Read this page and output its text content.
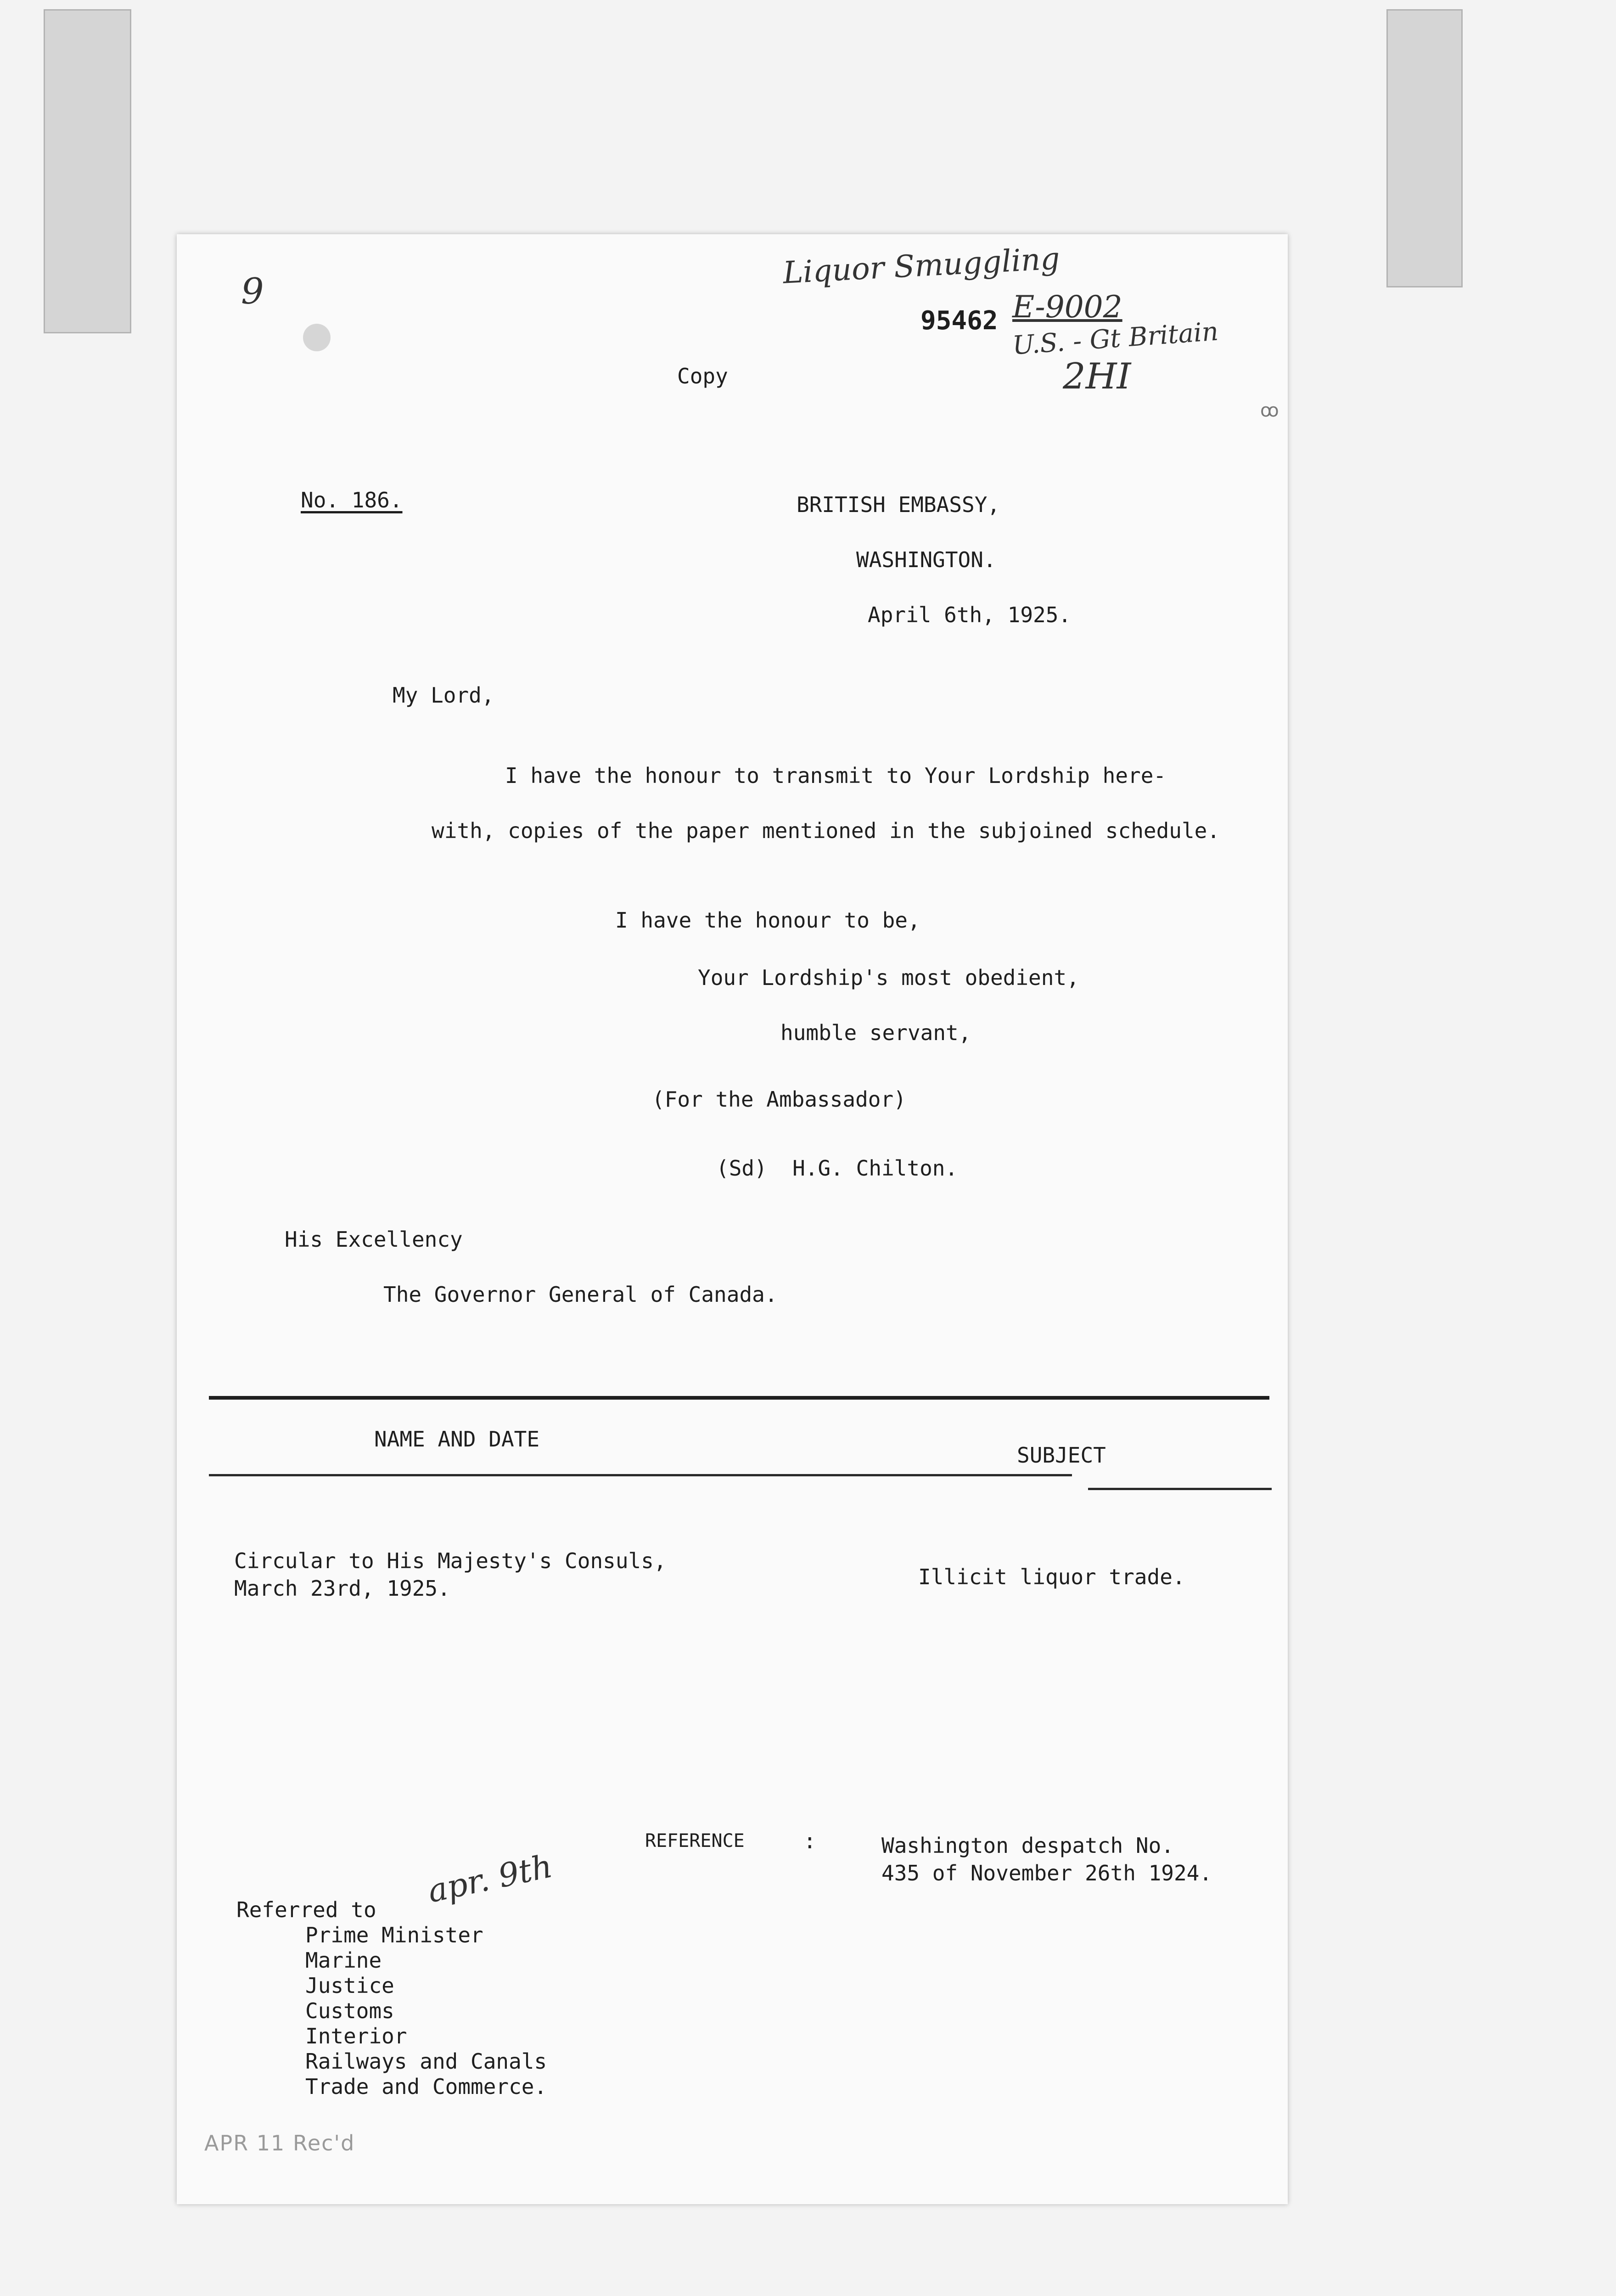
9
Liquor Smuggling
95462 E-9002
U.S. - Gt Britain
2HI
ꝏ
Copy
No. 186.	BRITISH EMBASSY,
WASHINGTON.
April 6th, 1925.
My Lord,
I have the honour to transmit to Your Lordship here-
with, copies of the paper mentioned in the subjoined schedule.
I have the honour to be,
Your Lordship's most obedient,
humble servant,
(For the Ambassador)
(Sd)  H.G. Chilton.
His Excellency
The Governor General of Canada.
NAME AND DATE
SUBJECT
Circular to His Majesty's Consuls,
March 23rd, 1925.	Illicit liquor trade.
REFERENCE	:	Washington despatch No.
435 of November 26th 1924.
Referred to apr. 9th
Prime Minister
Marine
Justice
Customs
Interior
Railways and Canals
Trade and Commerce.
APR 11 Rec'd
